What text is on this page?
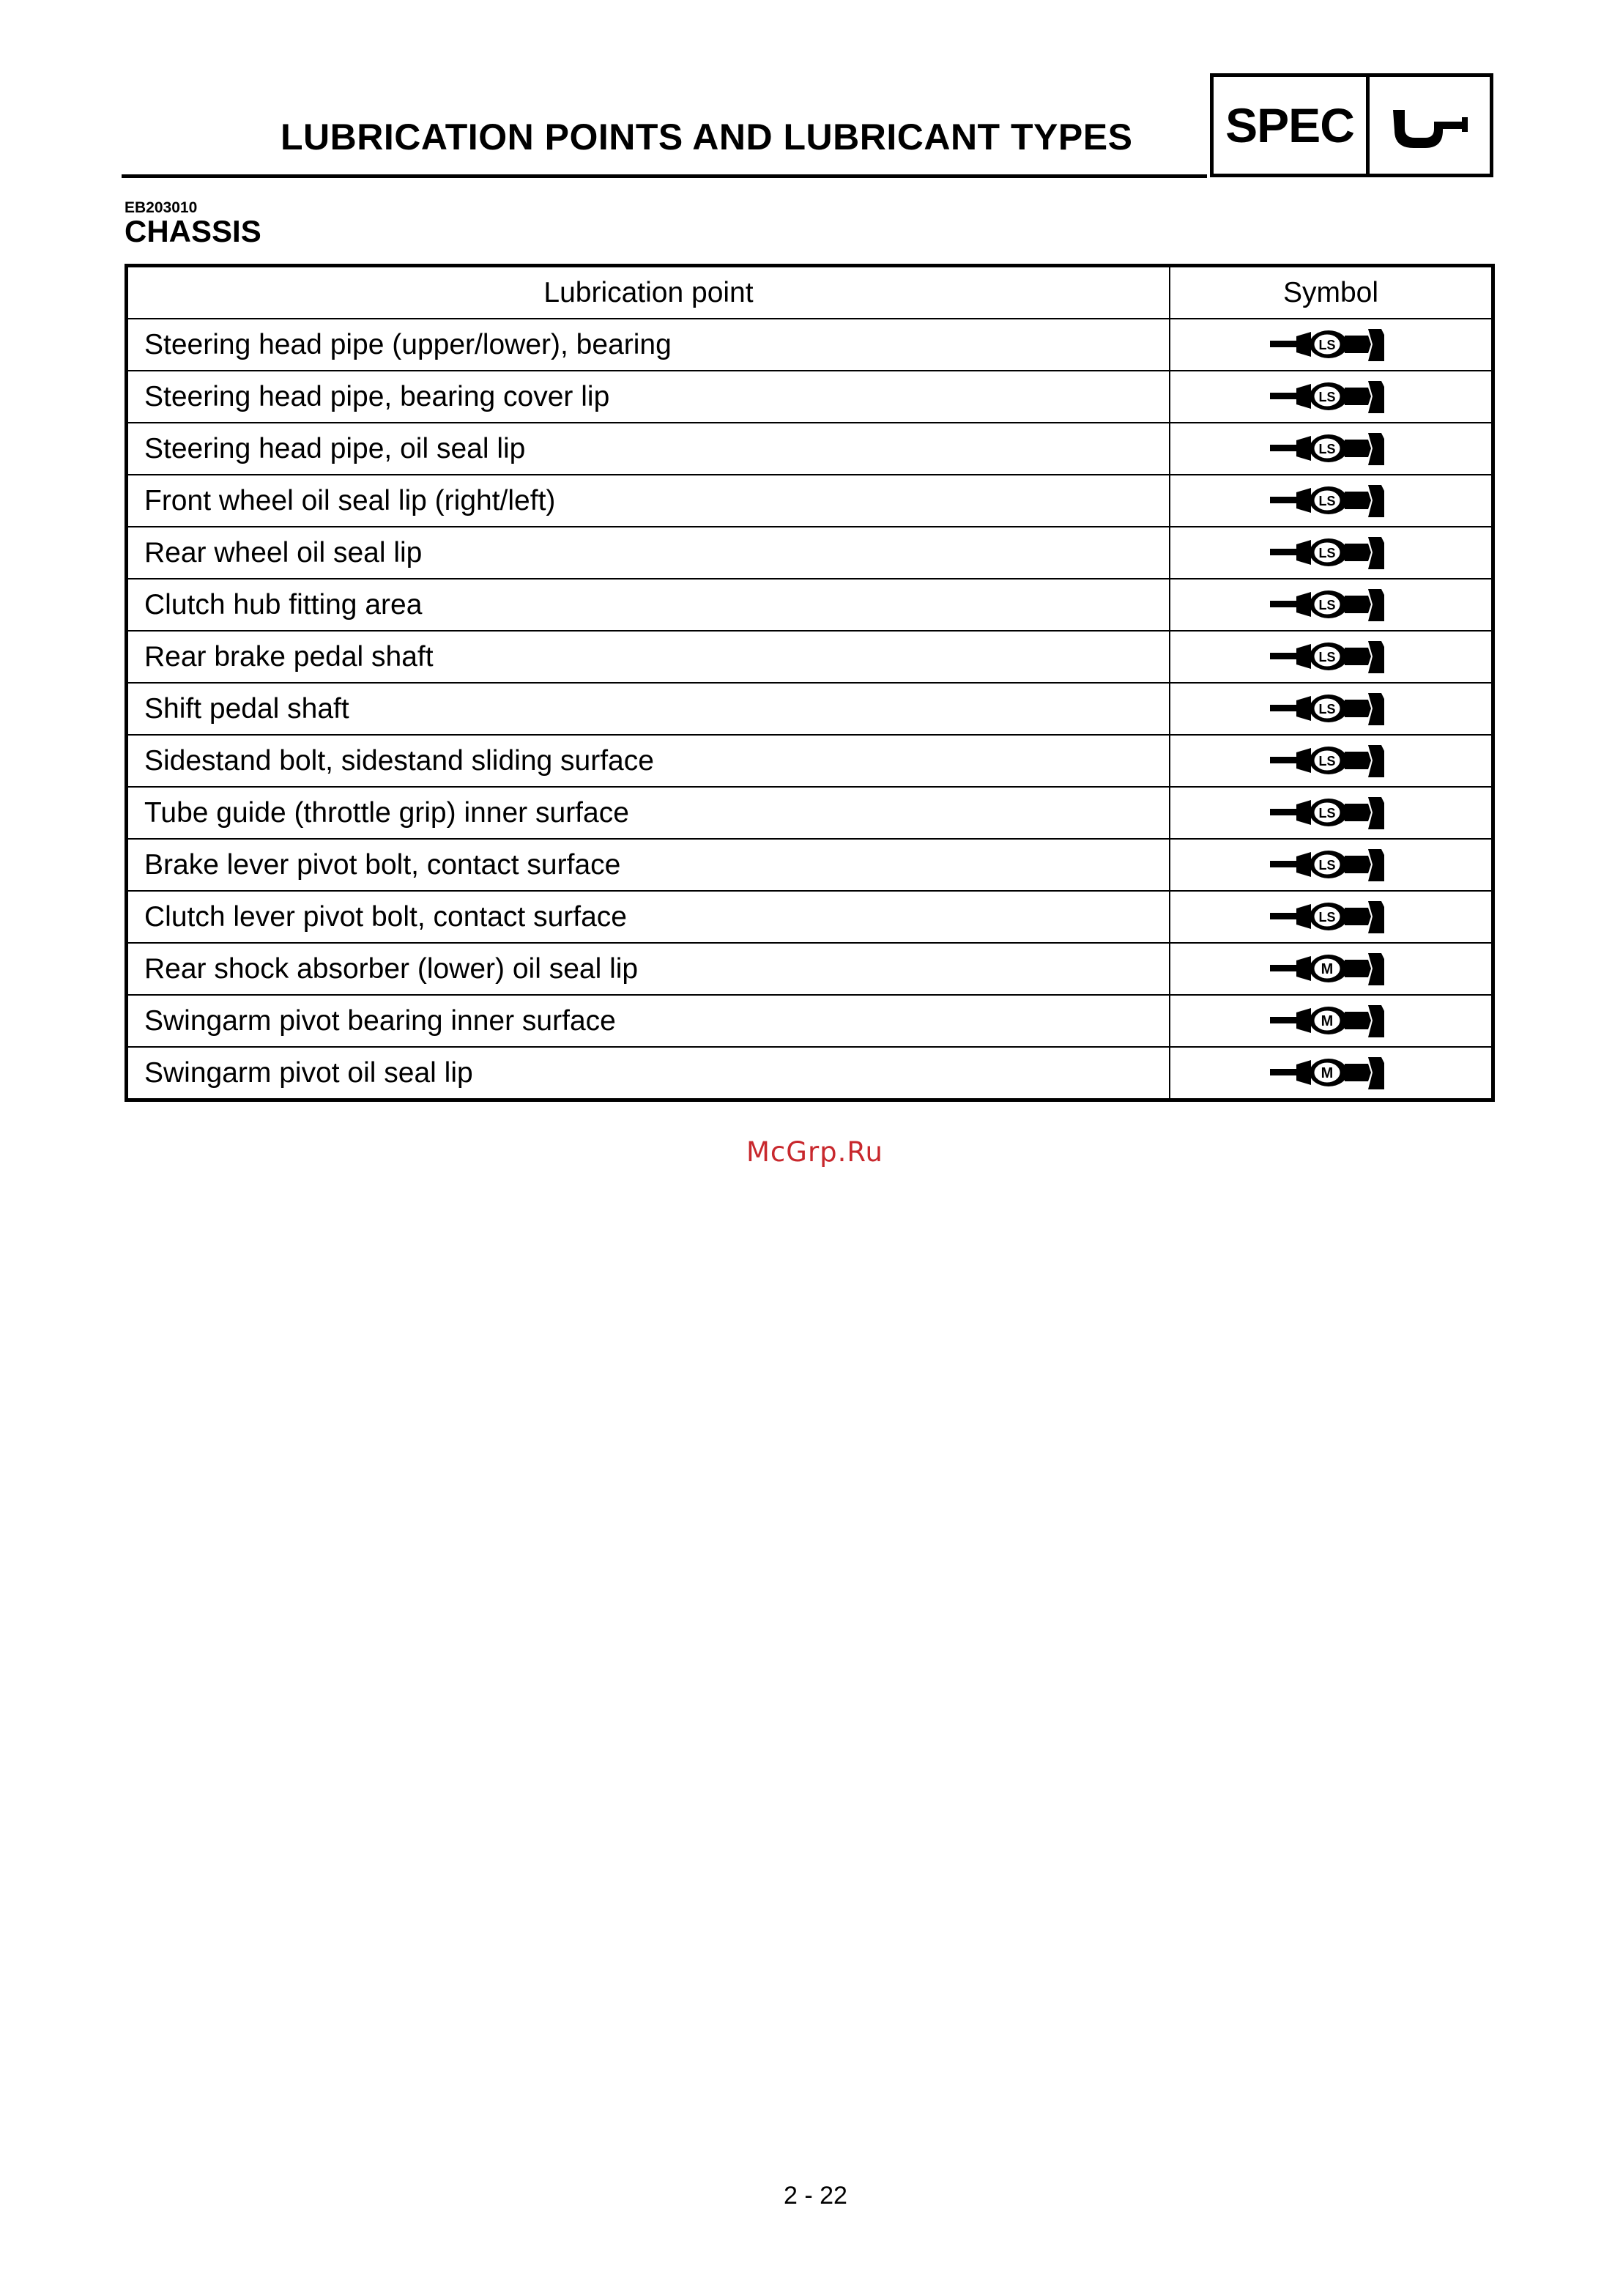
LUBRICATION POINTS AND LUBRICANT TYPES SPEC
EB203010
CHASSIS
Lubrication point	Symbol
Steering head pipe (upper/lower), bearing	LS

Steering head pipe, bearing cover lip	LS

Steering head pipe, oil seal lip	LS

Front wheel oil seal lip (right/left)	LS

Rear wheel oil seal lip	LS

Clutch hub fitting area	LS

Rear brake pedal shaft	LS

Shift pedal shaft	LS

Sidestand bolt, sidestand sliding surface	LS

Tube guide (throttle grip) inner surface	LS

Brake lever pivot bolt, contact surface	LS

Clutch lever pivot bolt, contact surface	LS

Rear shock absorber (lower) oil seal lip	M

Swingarm pivot bearing inner surface	M

Swingarm pivot oil seal lip	M
McGrp.Ru
2 - 22
